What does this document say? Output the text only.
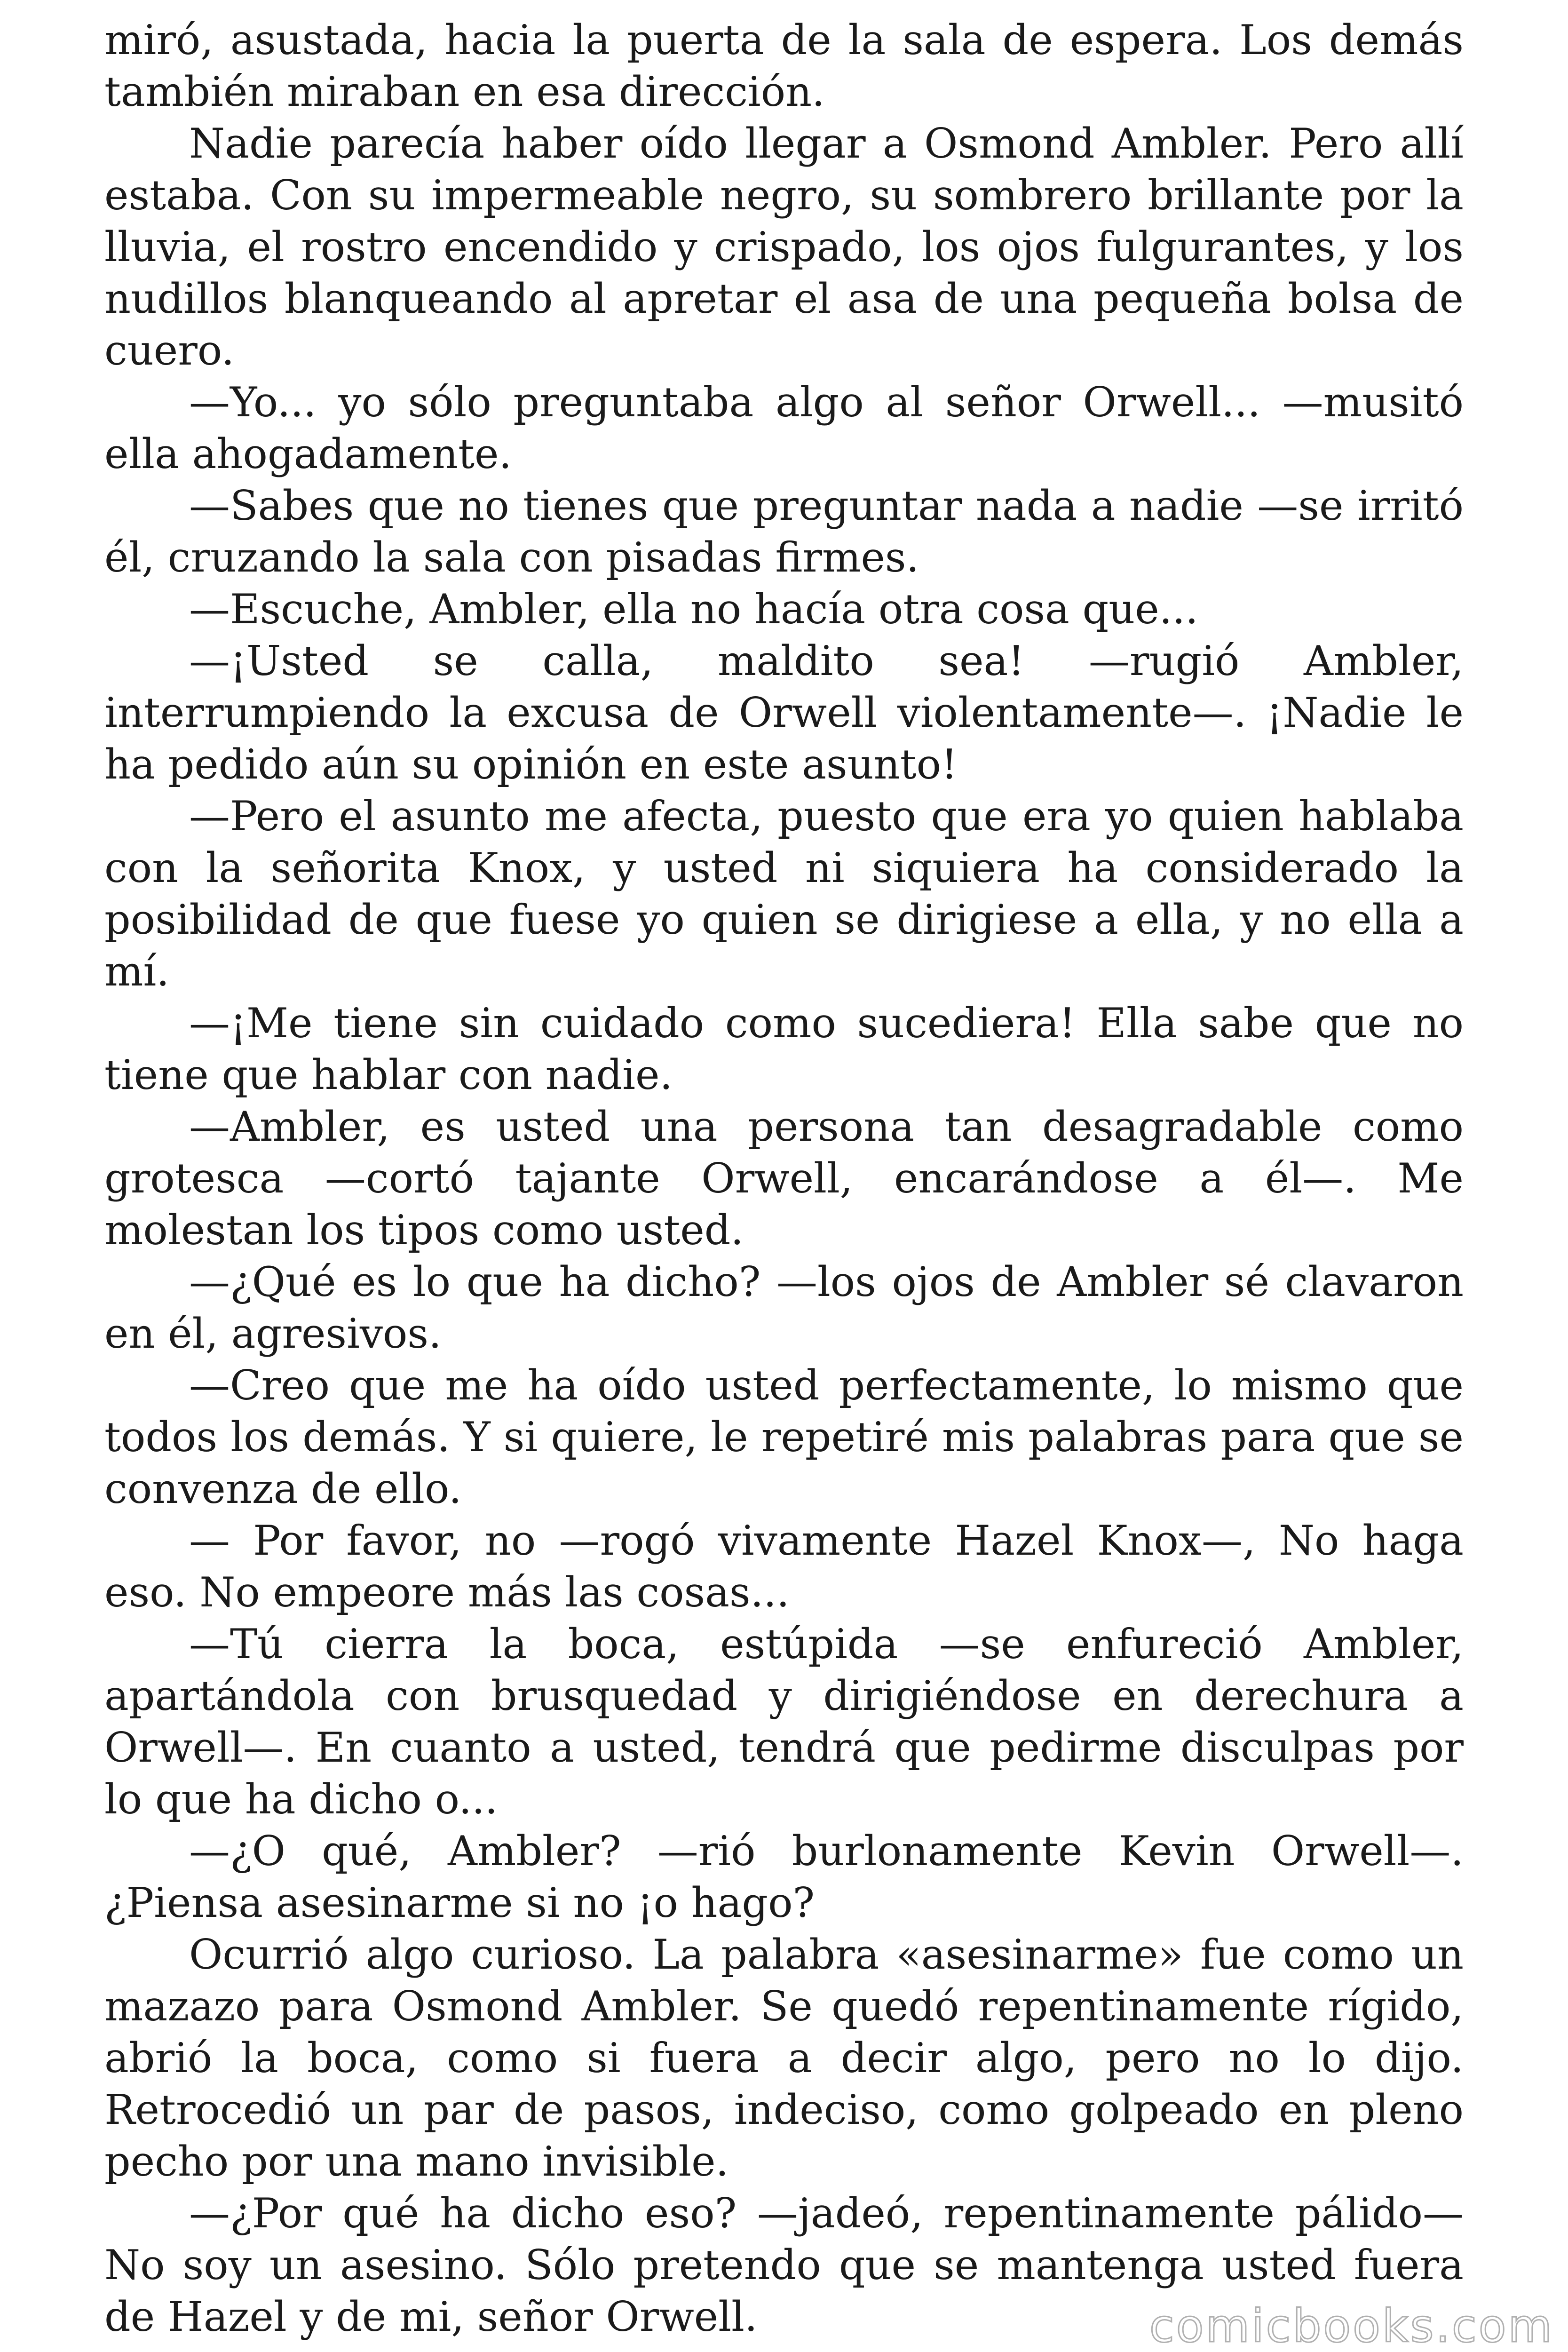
miró, asustada, hacia la puerta de la sala de espera. Los demás también miraban en esa dirección.

Nadie parecía haber oído llegar a Osmond Ambler. Pero allí estaba. Con su impermeable negro, su sombrero brillante por la lluvia, el rostro encendido y crispado, los ojos fulgurantes, y los nudillos blanqueando al apretar el asa de una pequeña bolsa de cuero.

—Yo... yo sólo preguntaba algo al señor Orwell... —musitó ella ahogadamente.

—Sabes que no tienes que preguntar nada a nadie —se irritó él, cruzando la sala con pisadas firmes.

—Escuche, Ambler, ella no hacía otra cosa que...

—¡Usted se calla, maldito sea! —rugió Ambler, interrumpiendo la excusa de Orwell violentamente—. ¡Nadie le ha pedido aún su opinión en este asunto!

—Pero el asunto me afecta, puesto que era yo quien hablaba con la señorita Knox, y usted ni siquiera ha considerado la posibilidad de que fuese yo quien se dirigiese a ella, y no ella a mí.

—¡Me tiene sin cuidado como sucediera! Ella sabe que no tiene que hablar con nadie.

—Ambler, es usted una persona tan desagradable como grotesca —cortó tajante Orwell, encarándose a él—. Me molestan los tipos como usted.

—¿Qué es lo que ha dicho? —los ojos de Ambler sé clavaron en él, agresivos.

—Creo que me ha oído usted perfectamente, lo mismo que todos los demás. Y si quiere, le repetiré mis palabras para que se convenza de ello.

— Por favor, no —rogó vivamente Hazel Knox—, No haga eso. No empeore más las cosas...

—Tú cierra la boca, estúpida —se enfureció Ambler, apartándola con brusquedad y dirigiéndose en derechura a Orwell—. En cuanto a usted, tendrá que pedirme disculpas por lo que ha dicho o...

—¿O qué, Ambler? —rió burlonamente Kevin Orwell—. ¿Piensa asesinarme si no ¡o hago?

Ocurrió algo curioso. La palabra «asesinarme» fue como un mazazo para Osmond Ambler. Se quedó repentinamente rígido, abrió la boca, como si fuera a decir algo, pero no lo dijo. Retrocedió un par de pasos, indeciso, como golpeado en pleno pecho por una mano invisible.

—¿Por qué ha dicho eso? —jadeó, repentinamente pálido— No soy un asesino. Sólo pretendo que se mantenga usted fuera de Hazel y de mi, señor Orwell.	comicbooks.com
